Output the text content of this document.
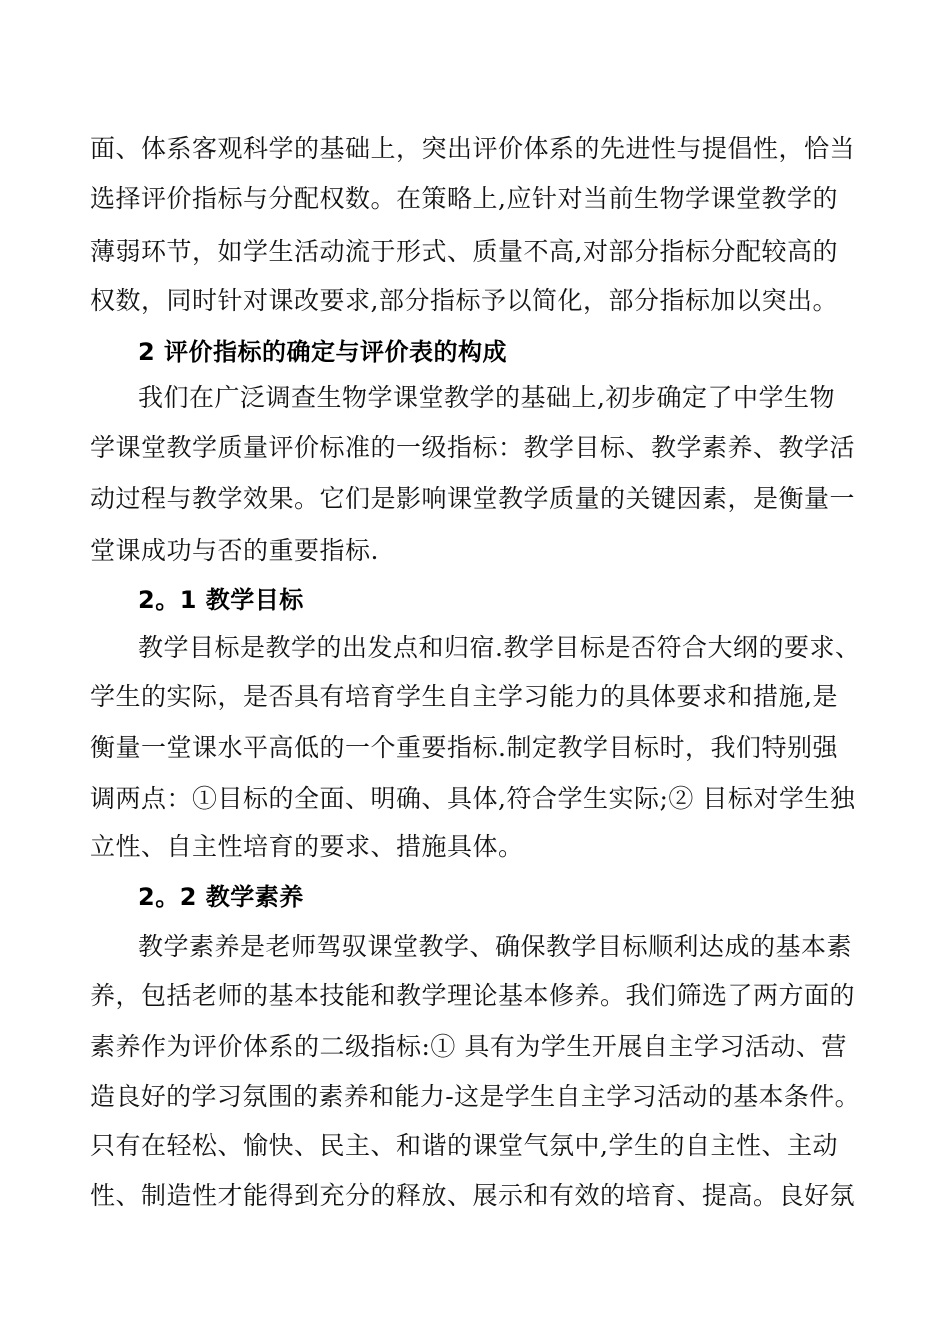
面、体系客观科学的基础上，突出评价体系的先进性与提倡性，恰当
选择评价指标与分配权数。在策略上,应针对当前生物学课堂教学的
薄弱环节，如学生活动流于形式、质量不高,对部分指标分配较高的
权数，同时针对课改要求,部分指标予以简化，部分指标加以突出。
2 评价指标的确定与评价表的构成
我们在广泛调查生物学课堂教学的基础上,初步确定了中学生物
学课堂教学质量评价标准的一级指标：教学目标、教学素养、教学活
动过程与教学效果。它们是影响课堂教学质量的关键因素，是衡量一
堂课成功与否的重要指标.
2。1 教学目标
教学目标是教学的出发点和归宿.教学目标是否符合大纲的要求、
学生的实际，是否具有培育学生自主学习能力的具体要求和措施,是
衡量一堂课水平高低的一个重要指标.制定教学目标时，我们特别强
调两点：①目标的全面、明确、具体,符合学生实际;② 目标对学生独
立性、自主性培育的要求、措施具体。
2。2 教学素养
教学素养是老师驾驭课堂教学、确保教学目标顺利达成的基本素
养，包括老师的基本技能和教学理论基本修养。我们筛选了两方面的
素养作为评价体系的二级指标:① 具有为学生开展自主学习活动、营
造良好的学习氛围的素养和能力-这是学生自主学习活动的基本条件。
只有在轻松、愉快、民主、和谐的课堂气氛中,学生的自主性、主动
性、制造性才能得到充分的释放、展示和有效的培育、提高。良好氛
